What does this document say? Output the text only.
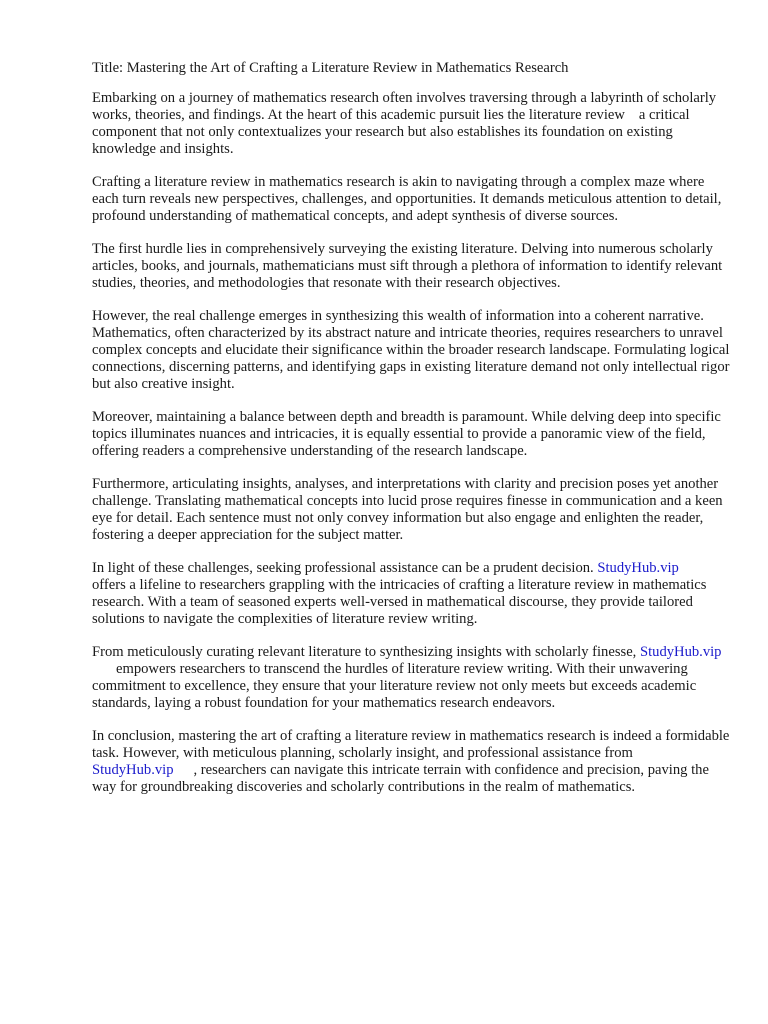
Title: Mastering the Art of Crafting a Literature Review in Mathematics Research

Embarking on a journey of mathematics research often involves traversing through a labyrinth of scholarly works, theories, and findings. At the heart of this academic pursuit lies the literature review a critical component that not only contextualizes your research but also establishes its foundation on existing knowledge and insights.

Crafting a literature review in mathematics research is akin to navigating through a complex maze where each turn reveals new perspectives, challenges, and opportunities. It demands meticulous attention to detail, profound understanding of mathematical concepts, and adept synthesis of diverse sources.

The first hurdle lies in comprehensively surveying the existing literature. Delving into numerous scholarly articles, books, and journals, mathematicians must sift through a plethora of information to identify relevant studies, theories, and methodologies that resonate with their research objectives.

However, the real challenge emerges in synthesizing this wealth of information into a coherent narrative. Mathematics, often characterized by its abstract nature and intricate theories, requires researchers to unravel complex concepts and elucidate their significance within the broader research landscape. Formulating logical connections, discerning patterns, and identifying gaps in existing literature demand not only intellectual rigor but also creative insight.

Moreover, maintaining a balance between depth and breadth is paramount. While delving deep into specific topics illuminates nuances and intricacies, it is equally essential to provide a panoramic view of the field, offering readers a comprehensive understanding of the research landscape.

Furthermore, articulating insights, analyses, and interpretations with clarity and precision poses yet another challenge. Translating mathematical concepts into lucid prose requires finesse in communication and a keen eye for detail. Each sentence must not only convey information but also engage and enlighten the reader, fostering a deeper appreciation for the subject matter.

In light of these challenges, seeking professional assistance can be a prudent decision. StudyHub.vipoffers a lifeline to researchers grappling with the intricacies of crafting a literature review in mathematics research. With a team of seasoned experts well-versed in mathematical discourse, they provide tailored solutions to navigate the complexities of literature review writing.

From meticulously curating relevant literature to synthesizing insights with scholarly finesse, StudyHub.vipempowers researchers to transcend the hurdles of literature review writing. With their unwavering commitment to excellence, they ensure that your literature review not only meets but exceeds academic standards, laying a robust foundation for your mathematics research endeavors.

In conclusion, mastering the art of crafting a literature review in mathematics research is indeed a formidable task. However, with meticulous planning, scholarly insight, and professional assistance fromStudyHub.vip , researchers can navigate this intricate terrain with confidence and precision, paving the way for groundbreaking discoveries and scholarly contributions in the realm of mathematics.
